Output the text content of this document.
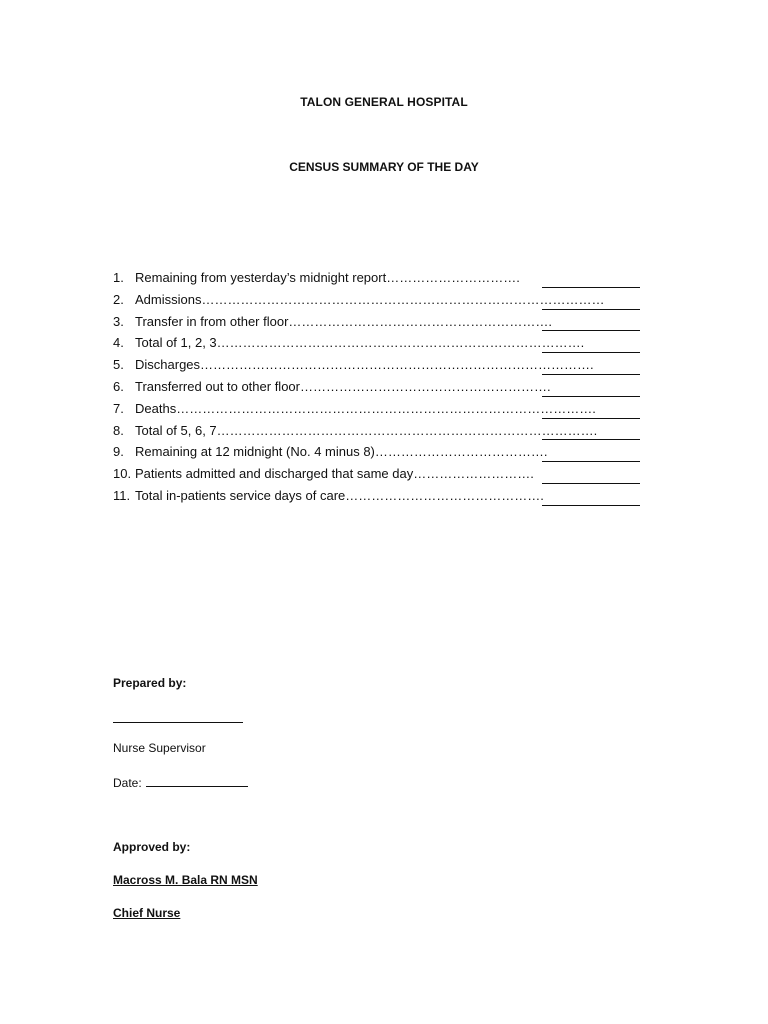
TALON GENERAL HOSPITAL
CENSUS SUMMARY OF THE DAY
1. Remaining from yesterday’s midnight report………………………….
2. Admissions…………………………………………………………………………………
3. Transfer in from other floor…………………………………………………….
4. Total of 1, 2, 3………………………………………………………………………….
5. Discharges……………………………………………………………………………….
6. Transferred out to other floor………………………………………………….
7. Deaths…………………………………………………………………………………….
8. Total of 5, 6, 7…………………………………………………………………………….
9. Remaining at 12 midnight (No. 4 minus 8)………………………………….
10. Patients admitted and discharged that same day……………………….
11. Total in-patients service days of care……………………………………….
Prepared by:
Nurse Supervisor
Date:
Approved by:
Macross M. Bala RN MSN
Chief Nurse
